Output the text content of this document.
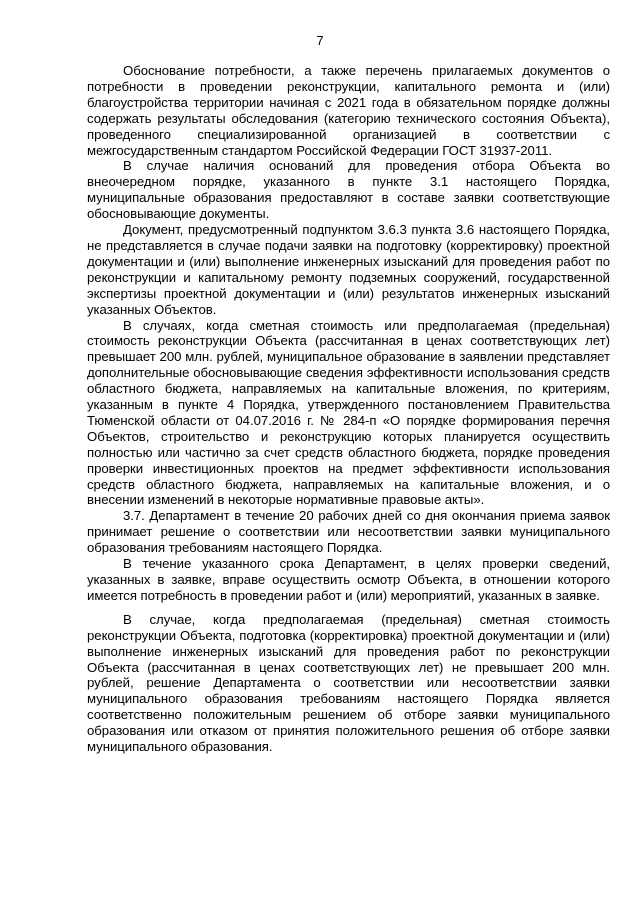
7

Обоснование потребности, а также перечень прилагаемых документов о потребности в проведении реконструкции, капитального ремонта и (или) благоустройства территории начиная с 2021 года в обязательном порядке должны содержать результаты обследования (категорию технического состояния Объекта), проведенного специализированной организацией в соответствии с межгосударственным стандартом Российской Федерации ГОСТ 31937-2011.

В случае наличия оснований для проведения отбора Объекта во внеочередном порядке, указанного в пункте 3.1 настоящего Порядка, муниципальные образования предоставляют в составе заявки соответствующие обосновывающие документы.

Документ, предусмотренный подпунктом 3.6.3 пункта 3.6 настоящего Порядка, не представляется в случае подачи заявки на подготовку (корректировку) проектной документации и (или) выполнение инженерных изысканий для проведения работ по реконструкции и капитальному ремонту подземных сооружений, государственной экспертизы проектной документации и (или) результатов инженерных изысканий указанных Объектов.

В случаях, когда сметная стоимость или предполагаемая (предельная) стоимость реконструкции Объекта (рассчитанная в ценах соответствующих лет) превышает 200 млн. рублей, муниципальное образование в заявлении представляет дополнительные обосновывающие сведения эффективности использования средств областного бюджета, направляемых на капитальные вложения, по критериям, указанным в пункте 4 Порядка, утвержденного постановлением Правительства Тюменской области от 04.07.2016 г. № 284-п «О порядке формирования перечня Объектов, строительство и реконструкцию которых планируется осуществить полностью или частично за счет средств областного бюджета, порядке проведения проверки инвестиционных проектов на предмет эффективности использования средств областного бюджета, направляемых на капитальные вложения, и о внесении изменений в некоторые нормативные правовые акты».

3.7. Департамент в течение 20 рабочих дней со дня окончания приема заявок принимает решение о соответствии или несоответствии заявки муниципального образования требованиям настоящего Порядка.

В течение указанного срока Департамент, в целях проверки сведений, указанных в заявке, вправе осуществить осмотр Объекта, в отношении которого имеется потребность в проведении работ и (или) мероприятий, указанных в заявке.

В случае, когда предполагаемая (предельная) сметная стоимость реконструкции Объекта, подготовка (корректировка) проектной документации и (или) выполнение инженерных изысканий для проведения работ по реконструкции Объекта (рассчитанная в ценах соответствующих лет) не превышает 200 млн. рублей, решение Департамента о соответствии или несоответствии заявки муниципального образования требованиям настоящего Порядка является соответственно положительным решением об отборе заявки муниципального образования или отказом от принятия положительного решения об отборе заявки муниципального образования.
